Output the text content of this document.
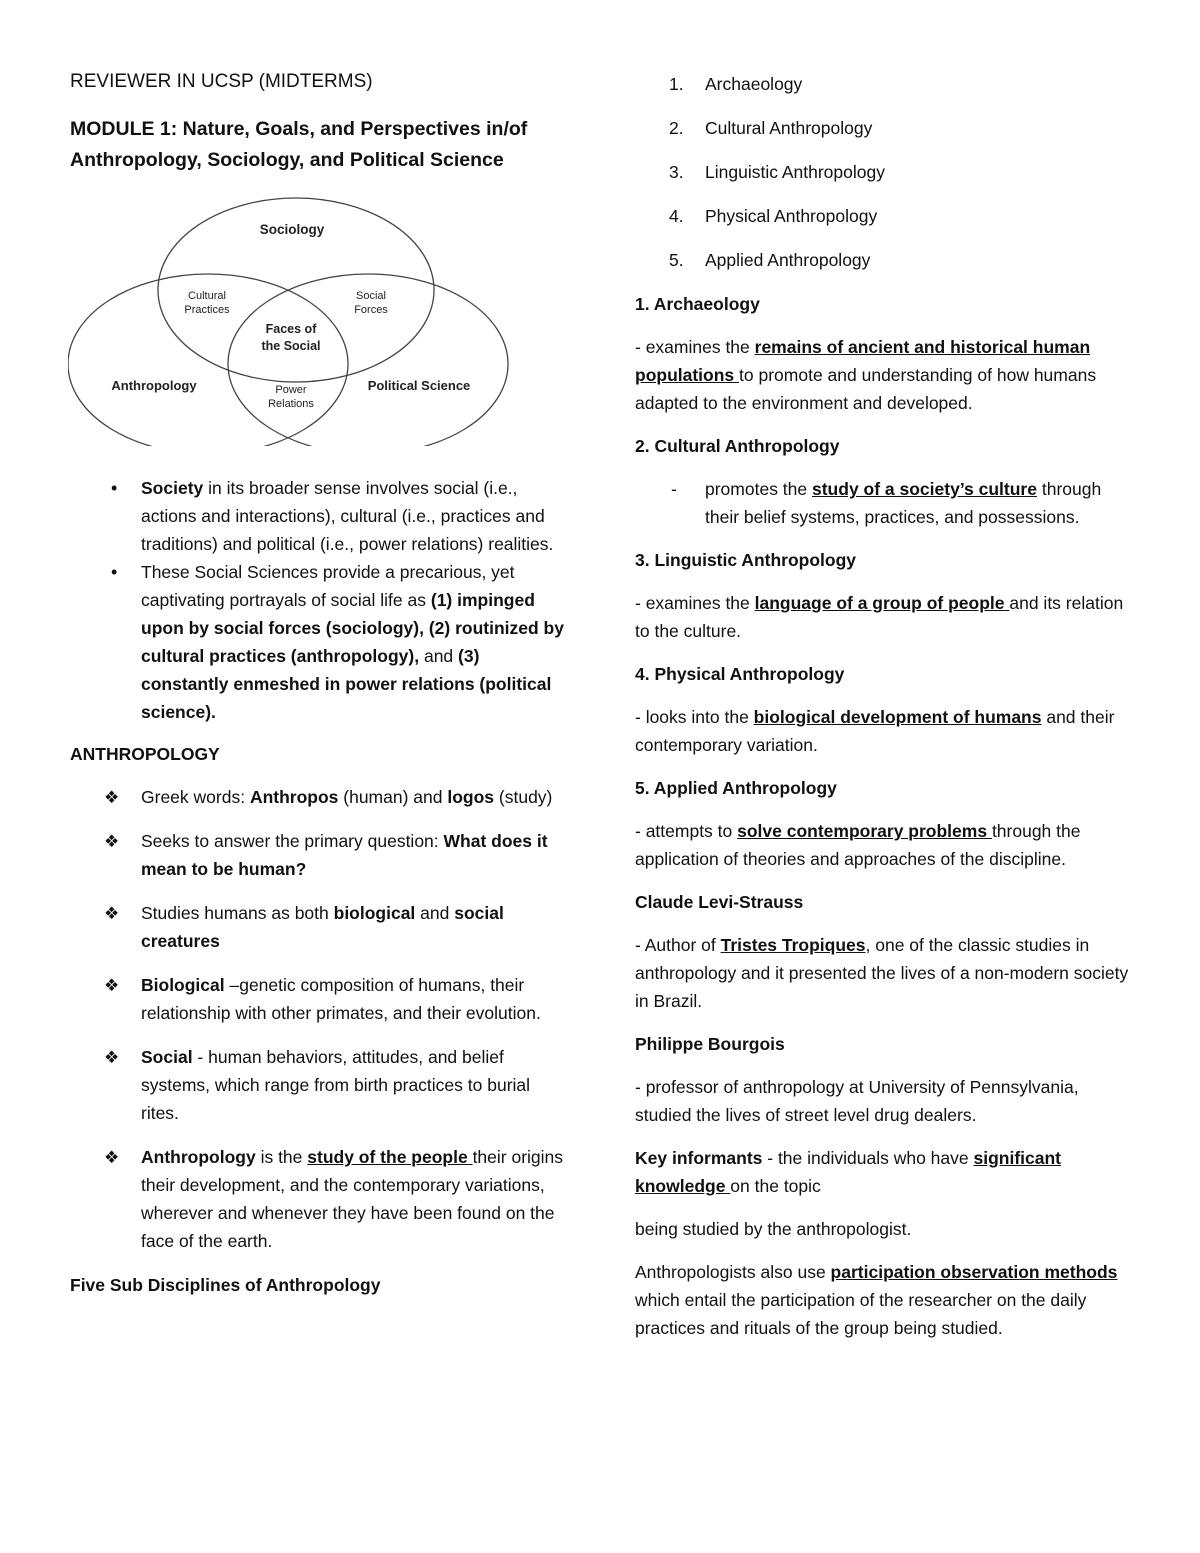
REVIEWER IN UCSP (MIDTERMS)

MODULE 1: Nature, Goals, and Perspectives in/of Anthropology, Sociology, and Political Science

Sociology
Anthropology	Political Science
Cultural
Practices
Social
Forces
Faces of
the Social
Power
Relations
• Society in its broader sense involves social (i.e., actions and interactions), cultural (i.e., practices and traditions) and political (i.e., power relations) realities.
• These Social Sciences provide a precarious, yet captivating portrayals of social life as (1) impinged upon by social forces (sociology), (2) routinized by cultural practices (anthropology), and (3) constantly enmeshed in power relations (political science).

ANTHROPOLOGY

❖ Greek words: Anthropos (human) and logos (study)
❖ Seeks to answer the primary question: What does it mean to be human?
❖ Studies humans as both biological and social creatures
❖ Biological –genetic composition of humans, their relationship with other primates, and their evolution.
❖ Social - human behaviors, attitudes, and belief systems, which range from birth practices to burial rites.
❖ Anthropology is the study of the people their origins their development, and the contemporary variations, wherever and whenever they have been found on the face of the earth.

Five Sub Disciplines of Anthropology

1. Archaeology
2. Cultural Anthropology
3. Linguistic Anthropology
4. Physical Anthropology
5. Applied Anthropology

1. Archaeology

- examines the remains of ancient and historical human populations to promote and understanding of how humans adapted to the environment and developed.

2. Cultural Anthropology

- promotes the study of a society’s culture through their belief systems, practices, and possessions.

3. Linguistic Anthropology

- examines the language of a group of people and its relation to the culture.

4. Physical Anthropology

- looks into the biological development of humans and their contemporary variation.

5. Applied Anthropology

- attempts to solve contemporary problems through the application of theories and approaches of the discipline.

Claude Levi-Strauss

- Author of Tristes Tropiques, one of the classic studies in anthropology and it presented the lives of a non-modern society in Brazil.

Philippe Bourgois

- professor of anthropology at University of Pennsylvania, studied the lives of street level drug dealers.

Key informants - the individuals who have significant knowledge on the topic

being studied by the anthropologist.

Anthropologists also use participation observation methods which entail the participation of the researcher on the daily practices and rituals of the group being studied.
